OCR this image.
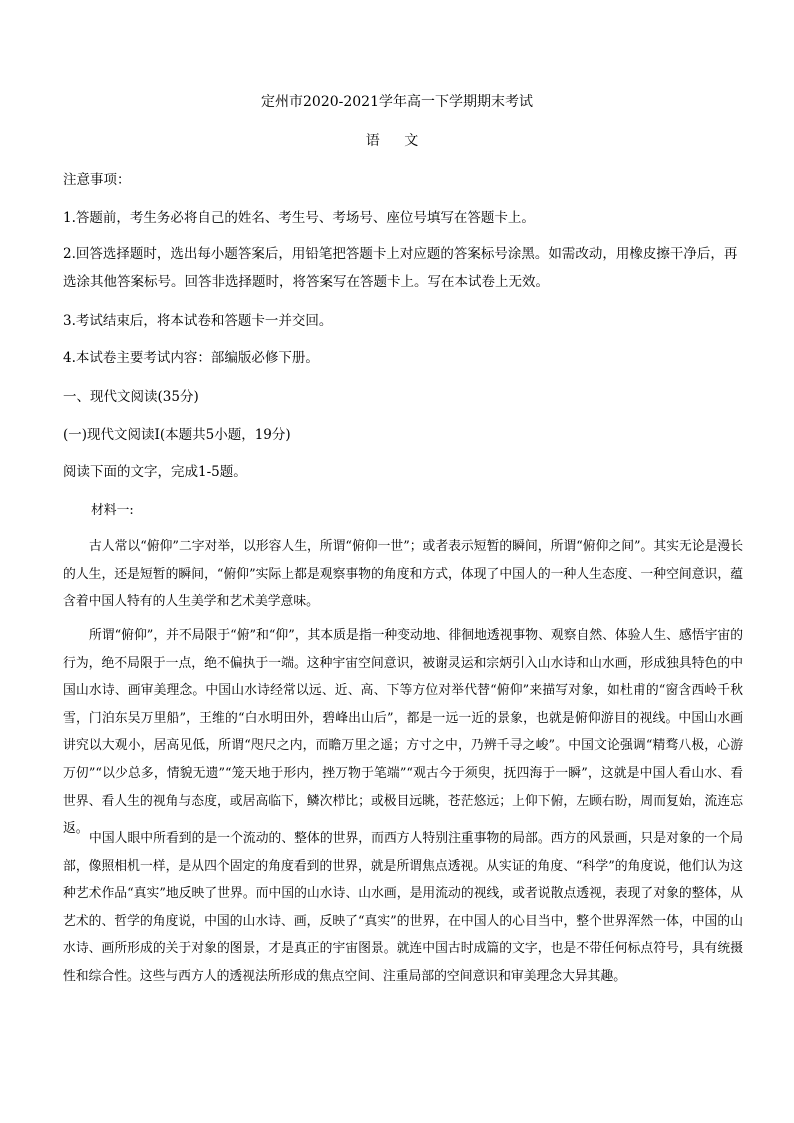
定州市2020-2021学年高一下学期期末考试
语 文
注意事项：
1.答题前，考生务必将自己的姓名、考生号、考场号、座位号填写在答题卡上。
2.回答选择题时，选出每小题答案后，用铅笔把答题卡上对应题的答案标号涂黑。如需改动，用橡皮擦干净后，再选涂其他答案标号。回答非选择题时，将答案写在答题卡上。写在本试卷上无效。
3.考试结束后，将本试卷和答题卡一并交回。
4.本试卷主要考试内容：部编版必修下册。
一、现代文阅读(35分)
(一)现代文阅读Ⅰ(本题共5小题，19分)
阅读下面的文字，完成1-5题。
材料一:
古人常以“俯仰”二字对举，以形容人生，所谓“俯仰一世”；或者表示短暂的瞬间，所谓“俯仰之间”。其实无论是漫长的人生，还是短暂的瞬间，“俯仰”实际上都是观察事物的角度和方式，体现了中国人的一种人生态度、一种空间意识，蕴含着中国人特有的人生美学和艺术美学意味。
所谓“俯仰”，并不局限于“俯”和“仰”，其本质是指一种变动地、徘徊地透视事物、观察自然、体验人生、感悟宇宙的行为，绝不局限于一点，绝不偏执于一端。这种宇宙空间意识，被谢灵运和宗炳引入山水诗和山水画，形成独具特色的中国山水诗、画审美理念。中国山水诗经常以远、近、高、下等方位对举代替“俯仰”来描写对象，如杜甫的“窗含西岭千秋雪，门泊东吴万里船”，王维的“白水明田外，碧峰出山后”，都是一远一近的景象，也就是俯仰游目的视线。中国山水画讲究以大观小，居高见低，所谓“咫尺之内，而瞻万里之遥；方寸之中，乃辨千寻之峻”。中国文论强调“精骛八极，心游万仞”“以少总多，情貌无遗”“笼天地于形内，挫万物于笔端”“观古今于须臾，抚四海于一瞬”，这就是中国人看山水、看世界、看人生的视角与态度，或居高临下，鳞次栉比；或极目远眺，苍茫悠远；上仰下俯，左顾右盼，周而复始，流连忘返。
中国人眼中所看到的是一个流动的、整体的世界，而西方人特别注重事物的局部。西方的风景画，只是对象的一个局部，像照相机一样，是从四个固定的角度看到的世界，就是所谓焦点透视。从实证的角度、“科学”的角度说，他们认为这种艺术作品“真实”地反映了世界。而中国的山水诗、山水画，是用流动的视线，或者说散点透视，表现了对象的整体，从艺术的、哲学的角度说，中国的山水诗、画，反映了“真实”的世界，在中国人的心目当中，整个世界浑然一体，中国的山水诗、画所形成的关于对象的图景，才是真正的宇宙图景。就连中国古时成篇的文字，也是不带任何标点符号，具有统摄性和综合性。这些与西方人的透视法所形成的焦点空间、注重局部的空间意识和审美理念大异其趣。
